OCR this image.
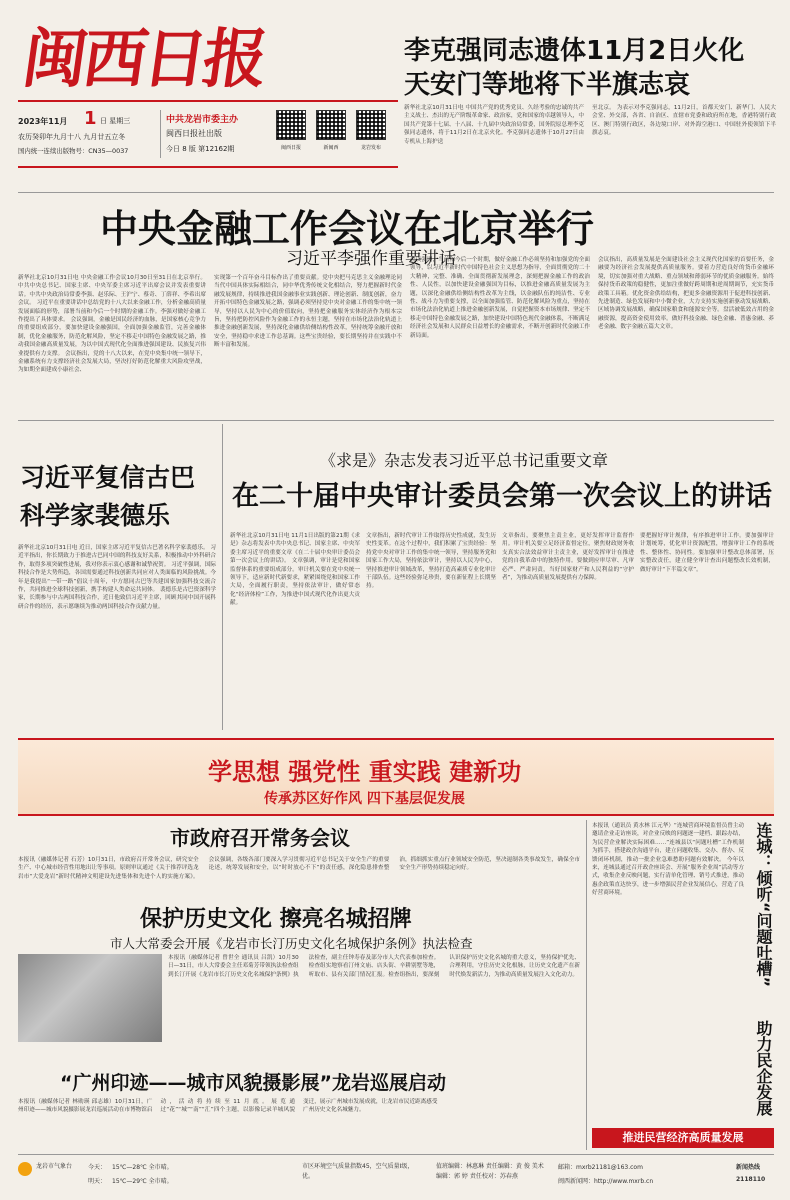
闽西日报	李克强同志遗体11月2日火化
天安门等地将下半旗志哀
2023年11月 1 日 星期三
农历癸卯年九月十八 九月廿五立冬
国内统一连续出版物号：CN35—0037
中共龙岩市委主办
闽西日报社出版
今日 8 版 第12162期	闽西日报	新闽西	龙岩发布
新华社北京10月31日电 中国共产党的优秀党员、久经考验的忠诚的共产主义战士、杰出的无产阶级革命家、政治家，党和国家的卓越领导人，中国共产党第十七届、十八届、十九届中央政治局常委，国务院原总理李克强同志遗体，将于11月2日在北京火化。李克强同志遗体于10月27日由专机从上海护送
至北京。 为表示对李克强同志，11月2日，首都天安门、新华门、人民大会堂、外交部，各省、自治区、直辖市党委和政府所在地，香港特别行政区、澳门特别行政区，各边境口岸、对外海空港口、中国驻外使领馆下半旗志哀。
中央金融工作会议在北京举行
习近平李强作重要讲话
新华社北京10月31日电 中央金融工作会议10月30日至31日在北京举行。中共中央总书记、国家主席、中央军委主席习近平出席会议并发表重要讲话。中共中央政治局常委李强、赵乐际、王沪宁、蔡奇、丁薛祥、李希出席会议。 习近平在重要讲话中总结党的十八大以来金融工作，分析金融高质量发展面临的形势，部署当前和今后一个时期的金融工作。李强对做好金融工作提出了具体要求。 会议强调，金融是国民经济的血脉，是国家核心竞争力的重要组成部分，要加快建设金融强国，全面加强金融监管，完善金融体制，优化金融服务，防范化解风险，坚定不移走中国特色金融发展之路，推动我国金融高质量发展，为以中国式现代化全面推进强国建设、民族复兴伟业提供有力支撑。 会议指出，党的十八大以来，在党中央集中统一领导下，金融系统有力支撑经济社会发展大局，坚决打好防范化解重大风险攻坚战，为如期全面建成小康社会、
实现第一个百年奋斗目标作出了重要贡献。党中央把马克思主义金融理论同当代中国具体实际相结合，同中华优秀传统文化相结合，努力把握新时代金融发展规律，持续推进我国金融事业实践创新、理论创新、制度创新，奋力开拓中国特色金融发展之路，强调必须坚持党中央对金融工作的集中统一领导，坚持以人民为中心的价值取向，坚持把金融服务实体经济作为根本宗旨，坚持把防控风险作为金融工作的永恒主题，坚持在市场化法治化轨道上推进金融创新发展，坚持深化金融供给侧结构性改革，坚持统筹金融开放和安全，坚持稳中求进工作总基调。这些宝贵经验，要长期坚持并在实践中不断丰富和发展。
会议强调，当前和今后一个时期，做好金融工作必须坚持和加强党的全面领导，以习近平新时代中国特色社会主义思想为指导，全面贯彻党的二十大精神，完整、准确、全面贯彻新发展理念，深刻把握金融工作的政治性、人民性，以加快建设金融强国为目标，以推进金融高质量发展为主题，以深化金融供给侧结构性改革为主线，以金融队伍的纯洁性、专业性、战斗力为重要支撑，以全面加强监管、防范化解风险为重点，坚持在市场化法治化轨道上推进金融创新发展，自觉把握资本市场规律、坚定不移走中国特色金融发展之路，加快建设中国特色现代金融体系，不断满足经济社会发展和人民群众日益增长的金融需求，不断开创新时代金融工作新局面。
会议指出，高质量发展是全面建设社会主义现代化国家的首要任务，金融要为经济社会发展提供高质量服务。要着力营造良好的货币金融环境，切实加强对重大战略、重点领域和薄弱环节的优质金融服务。始终保持货币政策的稳健性，更加注重做好跨周期和逆周期调节，充实货币政策工具箱。优化资金供给结构，把更多金融资源用于促进科技创新、先进制造、绿色发展和中小微企业，大力支持实施创新驱动发展战略、区域协调发展战略，确保国家粮食和能源安全等。盘活被低效占用的金融资源，提高资金使用效率。做好科技金融、绿色金融、普惠金融、养老金融、数字金融五篇大文章。
习近平复信古巴
科学家裴德乐
新华社北京10月31日电 近日，国家主席习近平复信古巴著名科学家裴德乐。 习近平指出，你长期致力于推进古巴同中国的科技友好关系，积极推动中外科研合作，取得多项突破性进展，我对你表示衷心感谢和诚挚祝贺。 习近平强调，国际科技合作是大势所趋，各国需要通过科技创新共同应对人类面临的风险挑战。今年是我提出“一带一路”倡议十周年，中方愿同古巴等共建国家加强科技交流合作，共同推进全球科技创新，携手构建人类命运共同体。 裴德乐是古巴资深科学家，长期参与中古两国科技合作，近日他致信习近平主席，回顾其同中国开展科研合作的经历，表示愿继续为推动两国科技合作贡献力量。
《求是》杂志发表习近平总书记重要文章
在二十届中央审计委员会第一次会议上的讲话
新华社北京10月31日电 11月1日出版的第21期《求是》杂志将发表中共中央总书记、国家主席、中央军委主席习近平的重要文章《在二十届中央审计委员会第一次会议上的讲话》。 文章强调，审计是党和国家监督体系的重要组成部分。审计机关要在党中央统一领导下，适应新时代新要求，紧紧围绕党和国家工作大局，全面履行职责，坚持依法审计，做好常态化“经济体检”工作，为推进中国式现代化作出更大贡献。
文章指出，新时代审计工作取得历史性成就，发生历史性变革。在这个过程中，我们积累了宝贵经验：坚持党中央对审计工作的集中统一领导，坚持服务党和国家工作大局，坚持依法审计，坚持以人民为中心，坚持推进审计领域改革，坚持打造高素质专业化审计干部队伍。这些经验弥足珍贵，要在新征程上长期坚持。
文章指出，要聚焦主责主业，更好发挥审计监督作用。审计机关要立足经济监督定位，聚焦财政财务收支真实合法效益审计主责主业，更好发挥审计在推进党的自我革命中的独特作用。要做到应审尽审、凡审必严、严肃问责，当好国家财产和人民利益的“守护者”，为推动高质量发展提供有力保障。
要把握好审计规律，有序推进审计工作。要加强审计计划统筹，优化审计资源配置，增强审计工作的系统性、整体性、协同性。要加强审计整改总体部署，压实整改责任，建立健全审计查出问题整改长效机制，做好审计“下半篇文章”。
学思想 强党性 重实践 建新功
传承苏区好作风 四下基层促发展
市政府召开常务会议
本报讯（融媒体记者 石芳）10月31日，市政府召开常务会议，研究安全生产、中心城市经营性用地出让等事项。原则审议通过《关于推荐评选龙岩市“大爱龙岩”新时代精神文明建设先进集体和先进个人的实施方案》。 会议强调，各级各部门要深入学习贯彻习近平总书记关于安全生产的重要论述，统筹发展和安全，以“时时放心不下”的责任感，深化隐患排查整治，抓细抓实重点行业领域安全防范，坚决遏制各类事故发生，确保全市安全生产形势持续稳定向好。
保护历史文化 擦亮名城招牌
市人大常委会开展《龙岩市长汀历史文化名城保护条例》执法检查
本报讯（融媒体记者 曾世全 通讯员 吕凯）10月30日—31日，市人大常委会主任邓菊芳带领执法检查组到长汀开展《龙岩市长汀历史文化名城保护条例》执法检查，副主任钟寿春及部分市人大代表参加检查。 检查组实地察看汀州文庙、店头街、辛耕别墅等地，听取市、县有关部门情况汇报。检查组指出，要深刻认识保护历史文化名城的重大意义，坚持保护优先、合理利用，守住历史文化根脉，让历史文化遗产在新时代焕发新活力，为推动高质量发展注入文化动力。
“广州印迹——城市风貌摄影展”龙岩巡展启动
本报讯（融媒体记者 林勋瑛 邱志雄）10月31日，广州印迹——城市风貌摄影展龙岩巡展活动在市博物馆启动，活动将持续至11月底。展览通过“花”“城”“南”“汇”四个主题，以影像记录羊城风貌变迁，展示广州城市发展成就，让龙岩市民近距离感受广州历史文化名城魅力。
本报讯（通讯员 黄水林 江元华）“连城营商环境监督员曾主动邀请企业走访座谈，对企业反映的问题逐一建档、跟踪办结，为民营企业解决实际困难……”连城县以“问题吐槽”工作机制为抓手，搭建政企沟通平台，建立问题收集、交办、督办、反馈闭环机制，推动一批企业急难愁盼问题有效解决。 今年以来，连城县通过召开政企座谈会、开展“服务企业周”活动等方式，收集企业反映问题，实行清单化管理、销号式推进，推动惠企政策直达快享，进一步增强民营企业发展信心，营造了良好营商环境。	连城：倾听“问题吐槽”
助力民企发展
推进民营经济高质量发展
龙岩市气象台	今天： 15℃—28℃ 全市晴。
明天： 15℃—29℃ 全市晴。
市区环境空气质量指数45，空气质量I级，优。
值班编辑：林惠琳 责任编辑：黄 俊 美术编辑：郭 婷 责任校对：苏春燕
邮箱：mxrb21181@163.com
闽西新闻网：http://www.mxrb.cn
新闻热线
2118110
